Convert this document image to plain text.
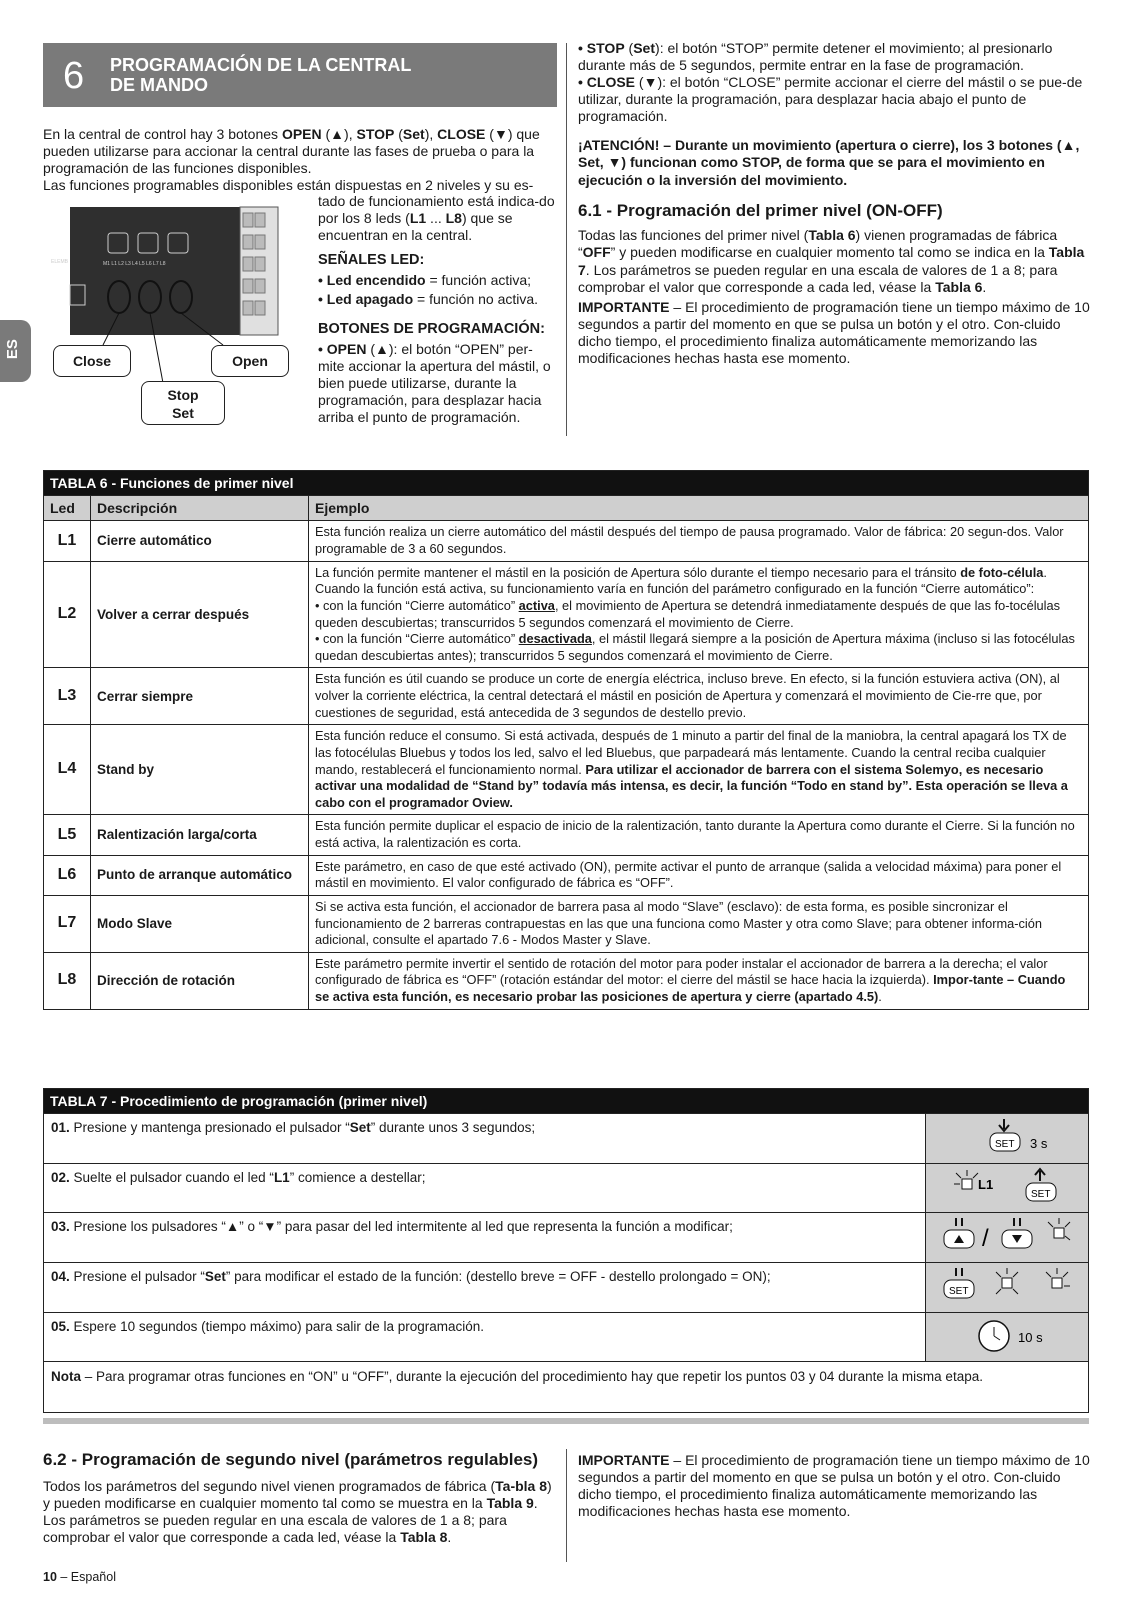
6 PROGRAMACIÓN DE LA CENTRAL
DE MANDO
ES

En la central de control hay 3 botones OPEN (▲), STOP (Set), CLOSE (▼) que pueden utilizarse para accionar la central durante las fases de prueba o para la programación de las funciones disponibles.

Las funciones programables disponibles están dispuestas en 2 niveles y su es-

tado de funcionamiento está indica-do por los 8 leds (L1 ... L8) que se encuentran en la central.

ELEMB	M1 L1 L2 L3 L4 L5 L6 L7 L8
Close	Open
Stop
Set

SEÑALES LED:

• Led encendido = función activa;

• Led apagado = función no activa.

BOTONES DE PROGRAMACIÓN:

• OPEN (▲): el botón “OPEN” per-mite accionar la apertura del mástil, o bien puede utilizarse, durante la programación, para desplazar hacia arriba el punto de programación.

• STOP (Set): el botón “STOP” permite detener el movimiento; al presionarlo durante más de 5 segundos, permite entrar en la fase de programación.

• CLOSE (▼): el botón “CLOSE” permite accionar el cierre del mástil o se pue-de utilizar, durante la programación, para desplazar hacia abajo el punto de programación.

¡ATENCIÓN! – Durante un movimiento (apertura o cierre), los 3 botones (▲, Set, ▼) funcionan como STOP, de forma que se para el movimiento en ejecución o la inversión del movimiento.

6.1 - Programación del primer nivel (ON-OFF)

Todas las funciones del primer nivel (Tabla 6) vienen programadas de fábrica “OFF” y pueden modificarse en cualquier momento tal como se indica en la Tabla 7. Los parámetros se pueden regular en una escala de valores de 1 a 8; para comprobar el valor que corresponde a cada led, véase la Tabla 6.

IMPORTANTE – El procedimiento de programación tiene un tiempo máximo de 10 segundos a partir del momento en que se pulsa un botón y el otro. Con-cluido dicho tiempo, el procedimiento finaliza automáticamente memorizando las modificaciones hechas hasta ese momento.

TABLA 6 - Funciones de primer nivel		
Led	Descripción	Ejemplo
L1	Cierre automático	Esta función realiza un cierre automático del mástil después del tiempo de pausa programado. Valor de fábrica: 20 segun-dos. Valor programable de 3 a 60 segundos.
L2	Volver a cerrar después	La función permite mantener el mástil en la posición de Apertura sólo durante el tiempo necesario para el tránsito de foto-célula. Cuando la función está activa, su funcionamiento varía en función del parámetro configurado en la función “Cierre automático”:
• con la función “Cierre automático” activa, el movimiento de Apertura se detendrá inmediatamente después de que las fo-tocélulas queden descubiertas; transcurridos 5 segundos comenzará el movimiento de Cierre.
• con la función “Cierre automático” desactivada, el mástil llegará siempre a la posición de Apertura máxima (incluso si las fotocélulas quedan descubiertas antes); transcurridos 5 segundos comenzará el movimiento de Cierre.
L3	Cerrar siempre	Esta función es útil cuando se produce un corte de energía eléctrica, incluso breve. En efecto, si la función estuviera activa (ON), al volver la corriente eléctrica, la central detectará el mástil en posición de Apertura y comenzará el movimiento de Cie-rre que, por cuestiones de seguridad, está antecedida de 3 segundos de destello previo.
L4	Stand by	Esta función reduce el consumo. Si está activada, después de 1 minuto a partir del final de la maniobra, la central apagará los TX de las fotocélulas Bluebus y todos los led, salvo el led Bluebus, que parpadeará más lentamente. Cuando la central reciba cualquier mando, restablecerá el funcionamiento normal. Para utilizar el accionador de barrera con el sistema Solemyo, es necesario activar una modalidad de “Stand by” todavía más intensa, es decir, la función “Todo en stand by”. Esta operación se lleva a cabo con el programador Oview.
L5	Ralentización larga/corta	Esta función permite duplicar el espacio de inicio de la ralentización, tanto durante la Apertura como durante el Cierre. Si la función no está activa, la ralentización es corta.
L6	Punto de arranque automático	Este parámetro, en caso de que esté activado (ON), permite activar el punto de arranque (salida a velocidad máxima) para poner el mástil en movimiento. El valor configurado de fábrica es “OFF”.
L7	Modo Slave	Si se activa esta función, el accionador de barrera pasa al modo “Slave” (esclavo): de esta forma, es posible sincronizar el funcionamiento de 2 barreras contrapuestas en las que una funciona como Master y otra como Slave; para obtener informa-ción adicional, consulte el apartado 7.6 - Modos Master y Slave.
L8	Dirección de rotación	Este parámetro permite invertir el sentido de rotación del motor para poder instalar el accionador de barrera a la derecha; el valor configurado de fábrica es “OFF” (rotación estándar del motor: el cierre del mástil se hace hacia la izquierda). Impor-tante – Cuando se activa esta función, es necesario probar las posiciones de apertura y cierre (apartado 4.5).
TABLA 7 - Procedimiento de programación (primer nivel)	
01. Presione y mantenga presionado el pulsador “Set” durante unos 3 segundos;	SET 3 s

02. Suelte el pulsador cuando el led “L1” comience a destellar;	L1
SET

03. Presione los pulsadores “▲” o “▼” para pasar del led intermitente al led que representa la función a modificar;	/

04. Presione el pulsador “Set” para modificar el estado de la función: (destello breve = OFF - destello prolongado = ON);	SET

05. Espere 10 segundos (tiempo máximo) para salir de la programación.	10 s

Nota – Para programar otras funciones en “ON” u “OFF”, durante la ejecución del procedimiento hay que repetir los puntos 03 y 04 durante la misma etapa.	

6.2 - Programación de segundo nivel (parámetros regulables)

Todos los parámetros del segundo nivel vienen programados de fábrica (Ta-bla 8) y pueden modificarse en cualquier momento tal como se muestra en la Tabla 9.

Los parámetros se pueden regular en una escala de valores de 1 a 8; para comprobar el valor que corresponde a cada led, véase la Tabla 8.

IMPORTANTE – El procedimiento de programación tiene un tiempo máximo de 10 segundos a partir del momento en que se pulsa un botón y el otro. Con-cluido dicho tiempo, el procedimiento finaliza automáticamente memorizando las modificaciones hechas hasta ese momento.

10 – Español
